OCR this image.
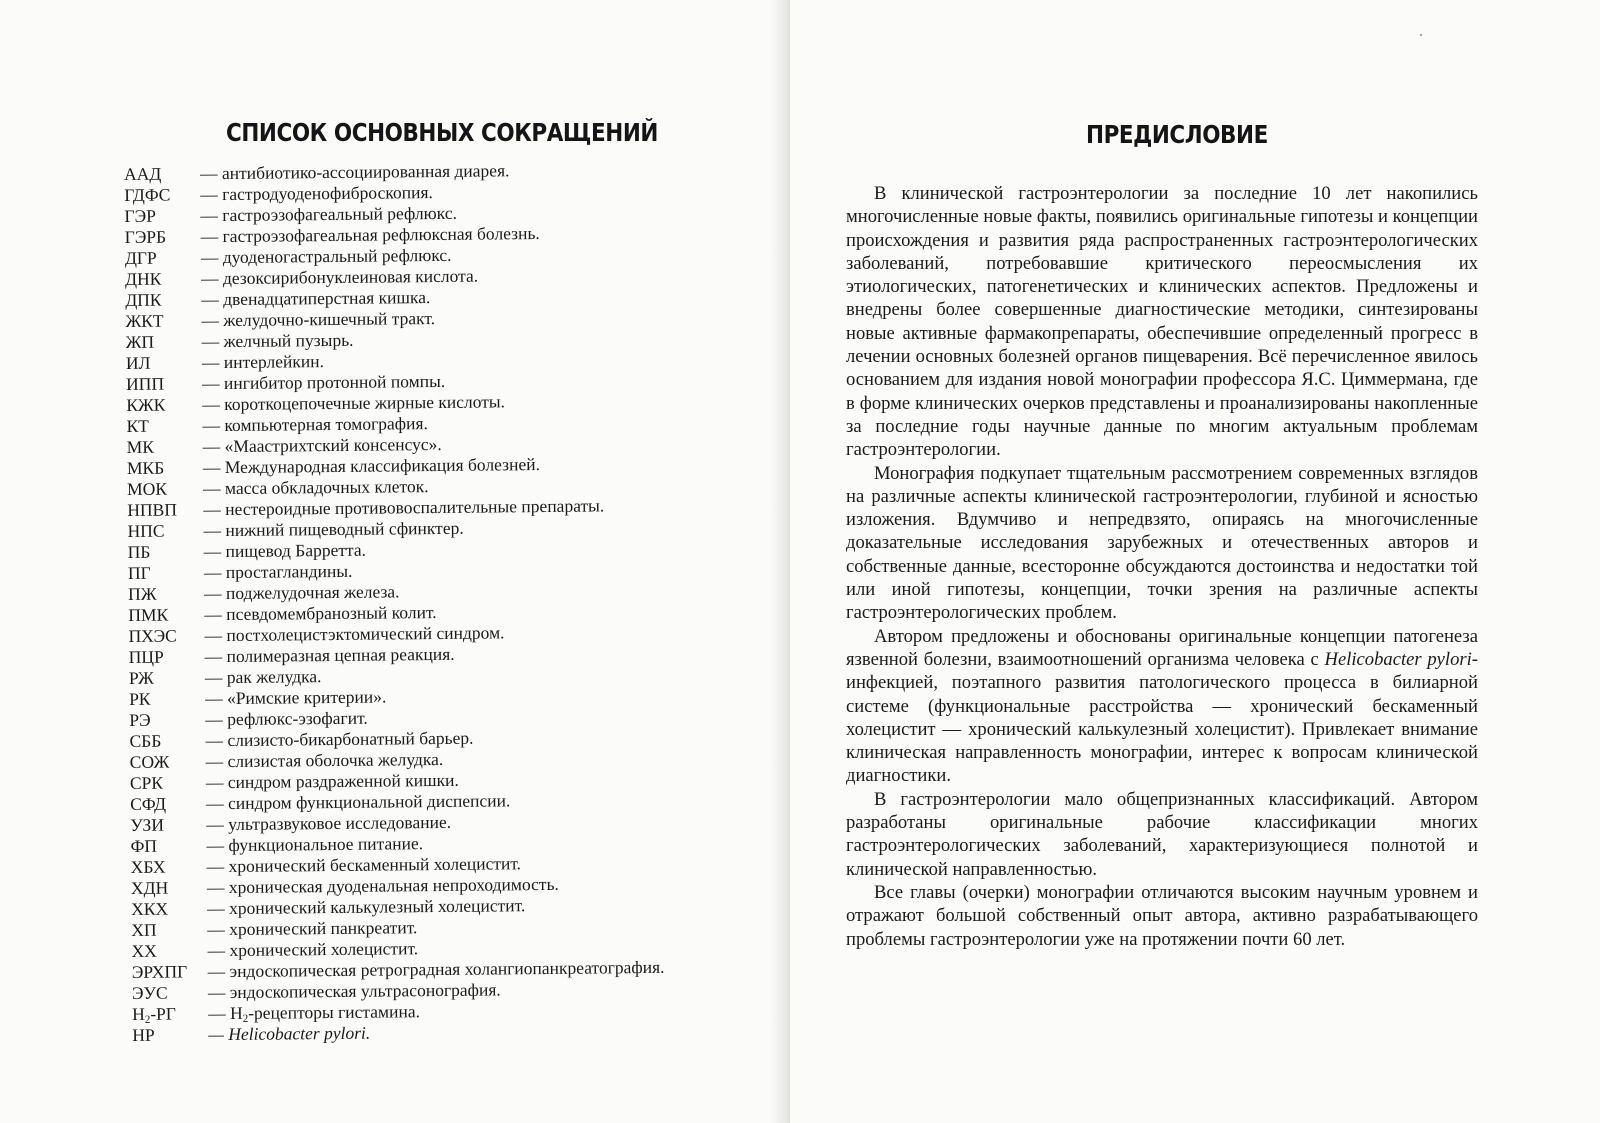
СПИСОК ОСНОВНЫХ СОКРАЩЕНИЙ
ААД	— антибиотико-ассоциированная диарея.
ГДФС	— гастродуоденофиброскопия.
ГЭР	— гастроэзофагеальный рефлюкс.
ГЭРБ	— гастроэзофагеальная рефлюксная болезнь.
ДГР	— дуоденогастральный рефлюкс.
ДНК	— дезоксирибонуклеиновая кислота.
ДПК	— двенадцатиперстная кишка.
ЖКТ	— желудочно-кишечный тракт.
ЖП	— желчный пузырь.
ИЛ	— интерлейкин.
ИПП	— ингибитор протонной помпы.
КЖК	— короткоцепочечные жирные кислоты.
КТ	— компьютерная томография.
МК	— «Маастрихтский консенсус».
МКБ	— Международная классификация болезней.
МОК	— масса обкладочных клеток.
НПВП	— нестероидные противовоспалительные препараты.
НПС	— нижний пищеводный сфинктер.
ПБ	— пищевод Барретта.
ПГ	— простагландины.
ПЖ	— поджелудочная железа.
ПМК	— псевдомембранозный колит.
ПХЭС	— постхолецистэктомический синдром.
ПЦР	— полимеразная цепная реакция.
РЖ	— рак желудка.
РК	— «Римские критерии».
РЭ	— рефлюкс-эзофагит.
СББ	— слизисто-бикарбонатный барьер.
СОЖ	— слизистая оболочка желудка.
СРК	— синдром раздраженной кишки.
СФД	— синдром функциональной диспепсии.
УЗИ	— ультразвуковое исследование.
ФП	— функциональное питание.
ХБХ	— хронический бескаменный холецистит.
ХДН	— хроническая дуоденальная непроходимость.
ХКХ	— хронический калькулезный холецистит.
ХП	— хронический панкреатит.
ХХ	— хронический холецистит.
ЭРХПГ	— эндоскопическая ретроградная холангиопанкреатография.
ЭУС	— эндоскопическая ультрасонография.
$Н_2-РГ$	— $Н_2$-рецепторы гистамина.
НР	— Helicobacter pylori.
ПРЕДИСЛОВИЕ

В клинической гастроэнтерологии за последние 10 лет накопились многочисленные новые факты, появились оригинальные гипотезы и концепции происхождения и развития ряда распространенных гастроэнтерологических заболеваний, потребовавшие критического переосмысления их этиологических, патогенетических и клинических аспектов. Предложены и внедрены более совершенные диагностические методики, синтезированы новые активные фармакопрепараты, обеспечившие определенный прогресс в лечении основных болезней органов пищеварения. Всё перечисленное явилось основанием для издания новой монографии профессора Я.С. Циммермана, где в форме клинических очерков представлены и проанализированы накопленные за последние годы научные данные по многим актуальным проблемам гастроэнтерологии.

Монография подкупает тщательным рассмотрением современных взглядов на различные аспекты клинической гастроэнтерологии, глубиной и ясностью изложения. Вдумчиво и непредвзято, опираясь на многочисленные доказательные исследования зарубежных и отечественных авторов и собственные данные, всесторонне обсуждаются достоинства и недостатки той или иной гипотезы, концепции, точки зрения на различные аспекты гастроэнтерологических проблем.

Автором предложены и обоснованы оригинальные концепции патогенеза язвенной болезни, взаимоотношений организма человека с Helicobacter pylori-инфекцией, поэтапного развития патологического процесса в билиарной системе (функциональные расстройства — хронический бескаменный холецистит — хронический калькулезный холецистит). Привлекает внимание клиническая направленность монографии, интерес к вопросам клинической диагностики.

В гастроэнтерологии мало общепризнанных классификаций. Автором разработаны оригинальные рабочие классификации многих гастроэнтерологических заболеваний, характеризующиеся полнотой и клинической направленностью.

Все главы (очерки) монографии отличаются высоким научным уровнем и отражают большой собственный опыт автора, активно разрабатывающего проблемы гастроэнтерологии уже на протяжении почти 60 лет.
